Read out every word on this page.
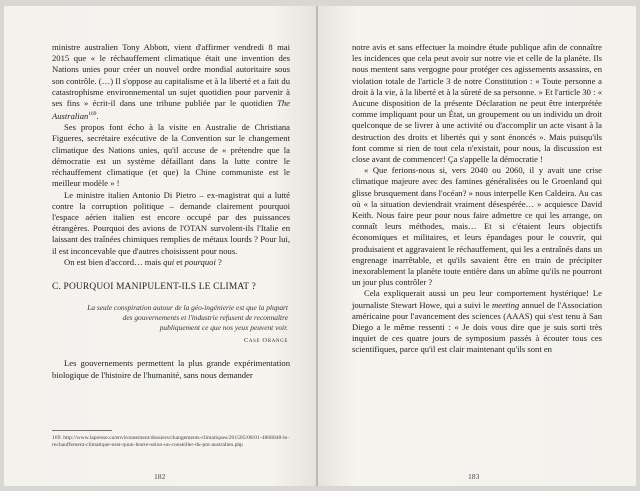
ministre australien Tony Abbott, vient d'affirmer vendredi 8 mai 2015 que « le réchauffement climatique était une invention des Nations unies pour créer un nouvel ordre mondial autoritaire sous son contrôle. (…) Il s'oppose au capitalisme et à la liberté et a fait du catastrophisme environnemental un sujet quotidien pour parvenir à ses fins » écrit-il dans une tribune publiée par le quotidien The Australian$^{169}$.

Ses propos font écho à la visite en Australie de Christiana Figueres, secrétaire exécutive de la Convention sur le changement climatique des Nations unies, qu'il accuse de « prétendre que la démocratie est un système défaillant dans la lutte contre le réchauffement climatique (et que) la Chine communiste est le meilleur modèle » !

Le ministre italien Antonio Di Pietro – ex-magistrat qui a lutté contre la corruption politique – demande clairement pourquoi l'espace aérien italien est encore occupé par des puissances étrangères. Pourquoi des avions de l'OTAN survolent-ils l'Italie en laissant des traînées chimiques remplies de métaux lourds ? Pour lui, il est inconcevable que d'autres choisissent pour nous.

On est bien d'accord… mais qui et pourquoi ?

C. POURQUOI MANIPULENT-ILS LE CLIMAT ?
La seule conspiration autour de la géo-ingénierie est que la plupart des gouvernements et l'industrie refusent de reconnaître publiquement ce que nos yeux peuvent voir.
Case Orange

Les gouvernements permettent la plus grande expérimentation biologique de l'histoire de l'humanité, sans nous demander

169. http://www.lapresse.ca/environnement/dossiers/changements-climatiques/201505/08/01-4868048-le-rechauffement-climatique-nest-quun-leurre-selon-un-conseiller-du-pm-australien.php
182

notre avis et sans effectuer la moindre étude publique afin de connaître les incidences que cela peut avoir sur notre vie et celle de la planète. Ils nous mentent sans vergogne pour protéger ces agissements assassins, en violation totale de l'article 3 de notre Constitution : « Toute personne a droit à la vie, à la liberté et à la sûreté de sa personne. » Et l'article 30 : « Aucune disposition de la présente Déclaration ne peut être interprétée comme impliquant pour un État, un groupement ou un individu un droit quelconque de se livrer à une activité ou d'accomplir un acte visant à la destruction des droits et libertés qui y sont énoncés ». Mais puisqu'ils font comme si rien de tout cela n'existait, pour nous, la discussion est close avant de commencer! Ça s'appelle la démocratie !

« Que ferions-nous si, vers 2040 ou 2060, il y avait une crise climatique majeure avec des famines généralisées ou le Groenland qui glisse brusquement dans l'océan? » nous interpelle Ken Caldeira. Au cas où « la situation deviendrait vraiment désespérée… » acquiesce David Keith. Nous faire peur pour nous faire admettre ce qui les arrange, on connaît leurs méthodes, mais… Et si c'étaient leurs objectifs économiques et militaires, et leurs épandages pour le couvrir, qui produisaient et aggravaient le réchauffement, qui les a entraînés dans un engrenage inarrêtable, et qu'ils savaient être en train de précipiter inexorablement la planète toute entière dans un abîme qu'ils ne pourront un jour plus contrôler ?

Cela expliquerait aussi un peu leur comportement hystérique! Le journaliste Stewart Howe, qui a suivi le meeting annuel de l'Association américaine pour l'avancement des sciences (AAAS) qui s'est tenu à San Diego a le même ressenti : « Je dois vous dire que je suis sorti très inquiet de ces quatre jours de symposium passés à écouter tous ces scientifiques, parce qu'il est clair maintenant qu'ils sont en

183
